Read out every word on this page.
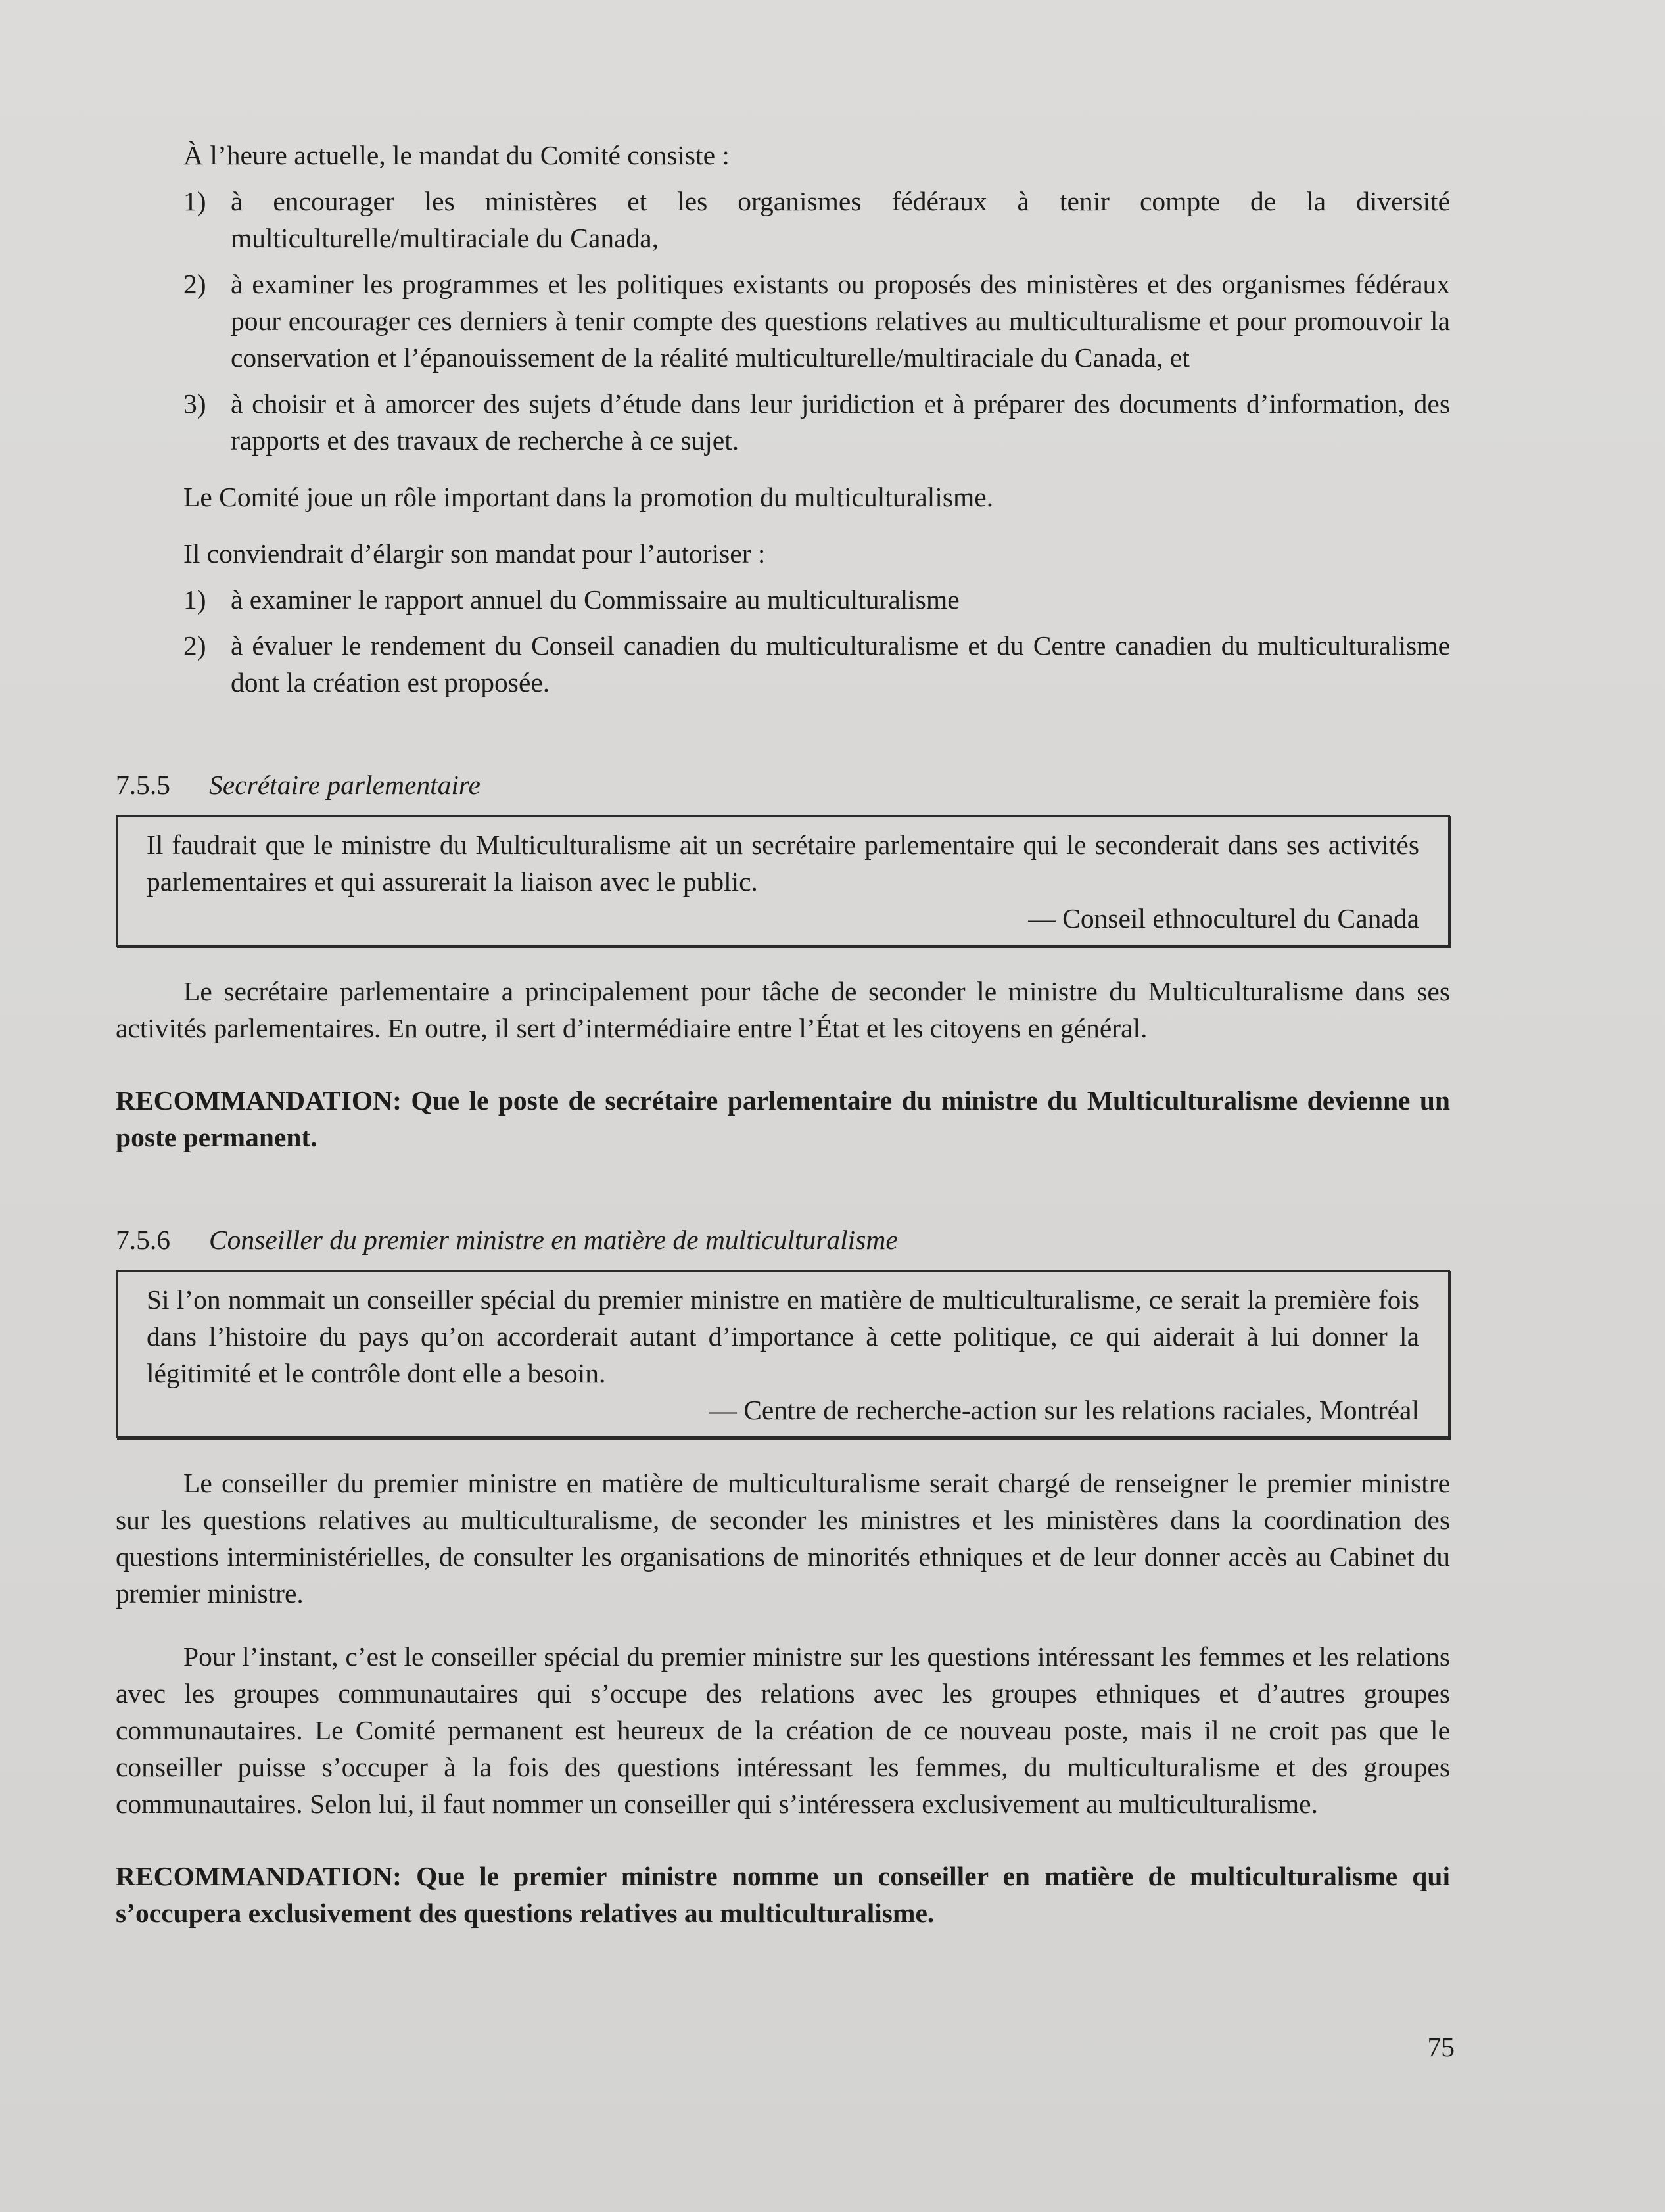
À l’heure actuelle, le mandat du Comité consiste :

1) à encourager les ministères et les organismes fédéraux à tenir compte de la diversité multiculturelle/multiraciale du Canada,
2) à examiner les programmes et les politiques existants ou proposés des ministères et des organismes fédéraux pour encourager ces derniers à tenir compte des questions relatives au multiculturalisme et pour promouvoir la conservation et l’épanouissement de la réalité multiculturelle/multiraciale du Canada, et
3) à choisir et à amorcer des sujets d’étude dans leur juridiction et à préparer des documents d’information, des rapports et des travaux de recherche à ce sujet.

Le Comité joue un rôle important dans la promotion du multiculturalisme.

Il conviendrait d’élargir son mandat pour l’autoriser :

1) à examiner le rapport annuel du Commissaire au multiculturalisme
2) à évaluer le rendement du Conseil canadien du multiculturalisme et du Centre canadien du multiculturalisme dont la création est proposée.

7.5.5 Secrétaire parlementaire

Il faudrait que le ministre du Multiculturalisme ait un secrétaire parlementaire qui le seconderait dans ses activités parlementaires et qui assurerait la liaison avec le public.

— Conseil ethnoculturel du Canada

Le secrétaire parlementaire a principalement pour tâche de seconder le ministre du Multiculturalisme dans ses activités parlementaires. En outre, il sert d’intermédiaire entre l’État et les citoyens en général.

RECOMMANDATION: Que le poste de secrétaire parlementaire du ministre du Multiculturalisme devienne un poste permanent.

7.5.6 Conseiller du premier ministre en matière de multiculturalisme

Si l’on nommait un conseiller spécial du premier ministre en matière de multiculturalisme, ce serait la première fois dans l’histoire du pays qu’on accorderait autant d’importance à cette politique, ce qui aiderait à lui donner la légitimité et le contrôle dont elle a besoin.

— Centre de recherche-action sur les relations raciales, Montréal

Le conseiller du premier ministre en matière de multiculturalisme serait chargé de renseigner le premier ministre sur les questions relatives au multiculturalisme, de seconder les ministres et les ministères dans la coordination des questions interministérielles, de consulter les organisations de minorités ethniques et de leur donner accès au Cabinet du premier ministre.

Pour l’instant, c’est le conseiller spécial du premier ministre sur les questions intéressant les femmes et les relations avec les groupes communautaires qui s’occupe des relations avec les groupes ethniques et d’autres groupes communautaires. Le Comité permanent est heureux de la création de ce nouveau poste, mais il ne croit pas que le conseiller puisse s’occuper à la fois des questions intéressant les femmes, du multiculturalisme et des groupes communautaires. Selon lui, il faut nommer un conseiller qui s’intéressera exclusivement au multiculturalisme.

RECOMMANDATION: Que le premier ministre nomme un conseiller en matière de multiculturalisme qui s’occupera exclusivement des questions relatives au multiculturalisme.

75
